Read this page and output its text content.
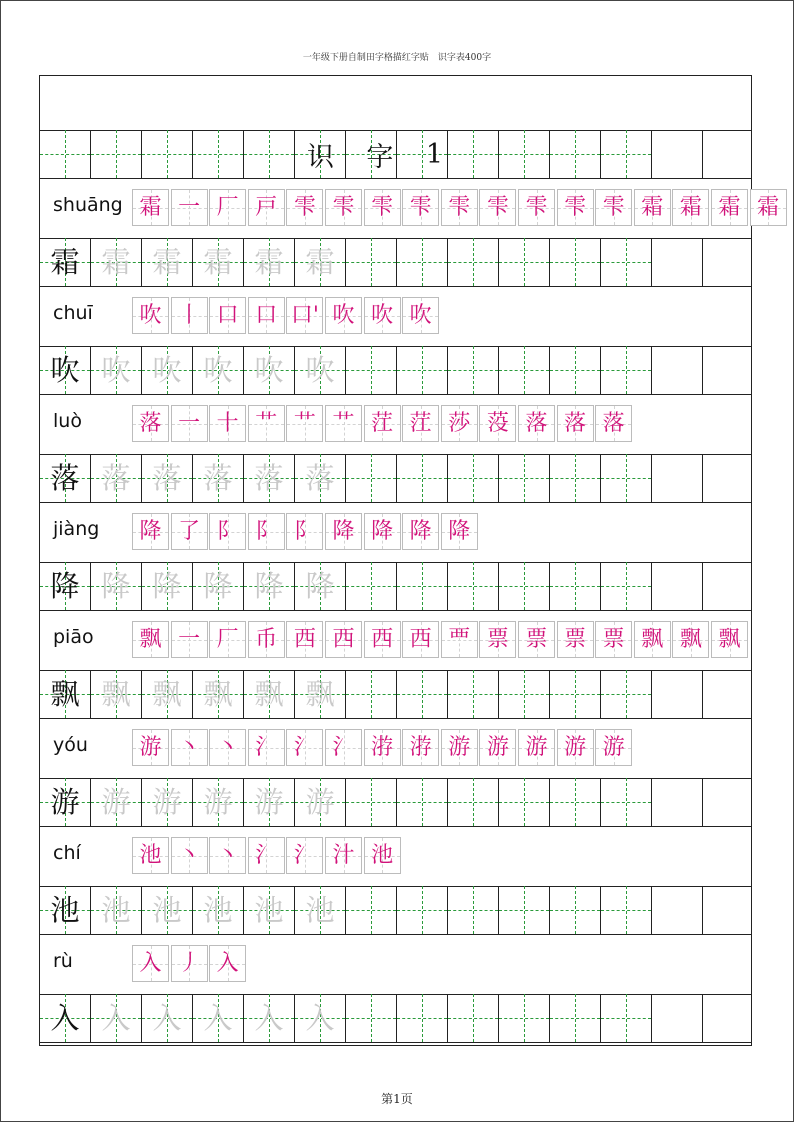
一年级下册自制田字格描红字贴　识字表400字
识 字 1
shuāng 霜 一 厂 戸 雫 雫 雫 雫 雫 雫 雫 雫 雫 霜 霜 霜 霜
霜 霜 霜 霜 霜 霜
chuī 吹 丨 口 口 口' 吹 吹 吹
吹 吹 吹 吹 吹 吹
luò	落 一 十 艹 艹 艹 茳 茳 莎 莈 落 落 落
落 落 落 落 落 落
jiàng 降 了 阝 阝 阝 降 降 降 降
降 降 降 降 降 降
piāo 飘 一 厂 币 西 西 西 西 覀 票 票 票 票 飘 飘 飘
飘 飘 飘 飘 飘 飘
yóu 游 丶 丶 氵 氵 氵 㳺 㳺 游 游 游 游 游
游 游 游 游 游 游
chí	池 丶 丶 氵 氵 汁 池
池 池 池 池 池 池
rù	入 丿 入
入 入 入 入 入 入
第1页
